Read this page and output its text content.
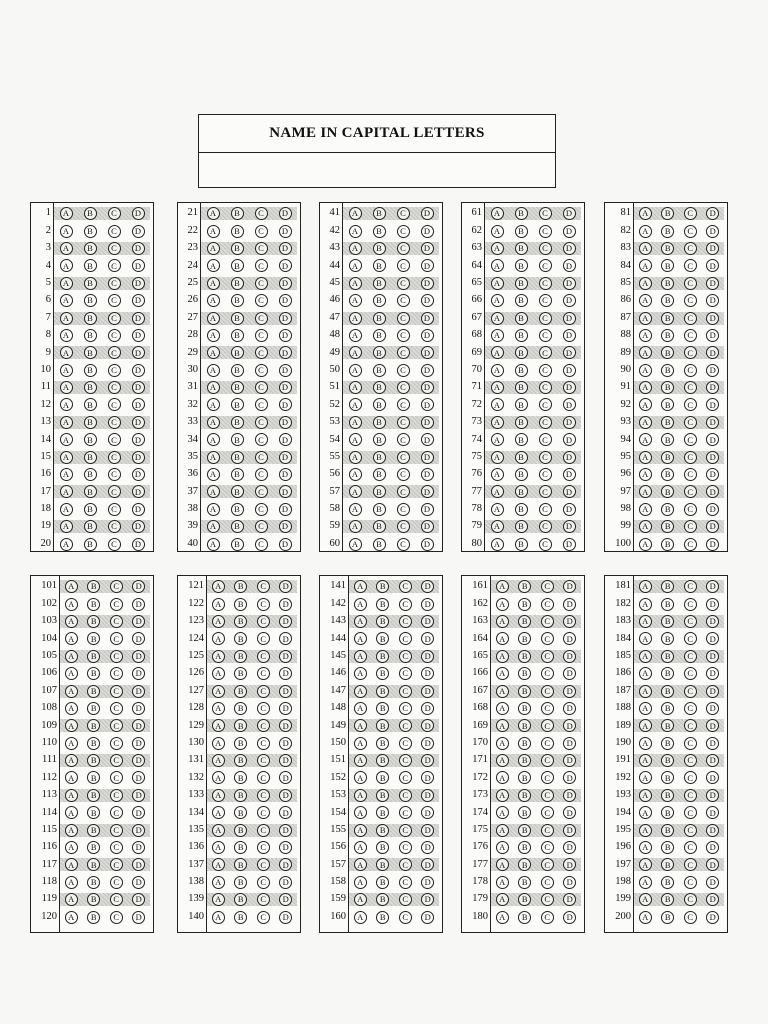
NAME IN CAPITAL LETTERS
1	A	B	C	D
2	A	B	C	D
3	A	B	C	D
4	A	B	C	D
5	A	B	C	D
6	A	B	C	D
7	A	B	C	D
8	A	B	C	D
9	A	B	C	D
10	A	B	C	D
11	A	B	C	D
12	A	B	C	D
13	A	B	C	D
14	A	B	C	D
15	A	B	C	D
16	A	B	C	D
17	A	B	C	D
18	A	B	C	D
19	A	B	C	D
20	A	B	C	D
21	A	B	C	D
22	A	B	C	D
23	A	B	C	D
24	A	B	C	D
25	A	B	C	D
26	A	B	C	D
27	A	B	C	D
28	A	B	C	D
29	A	B	C	D
30	A	B	C	D
31	A	B	C	D
32	A	B	C	D
33	A	B	C	D
34	A	B	C	D
35	A	B	C	D
36	A	B	C	D
37	A	B	C	D
38	A	B	C	D
39	A	B	C	D
40	A	B	C	D
41	A	B	C	D
42	A	B	C	D
43	A	B	C	D
44	A	B	C	D
45	A	B	C	D
46	A	B	C	D
47	A	B	C	D
48	A	B	C	D
49	A	B	C	D
50	A	B	C	D
51	A	B	C	D
52	A	B	C	D
53	A	B	C	D
54	A	B	C	D
55	A	B	C	D
56	A	B	C	D
57	A	B	C	D
58	A	B	C	D
59	A	B	C	D
60	A	B	C	D
61	A	B	C	D
62	A	B	C	D
63	A	B	C	D
64	A	B	C	D
65	A	B	C	D
66	A	B	C	D
67	A	B	C	D
68	A	B	C	D
69	A	B	C	D
70	A	B	C	D
71	A	B	C	D
72	A	B	C	D
73	A	B	C	D
74	A	B	C	D
75	A	B	C	D
76	A	B	C	D
77	A	B	C	D
78	A	B	C	D
79	A	B	C	D
80	A	B	C	D
81	A	B	C	D
82	A	B	C	D
83	A	B	C	D
84	A	B	C	D
85	A	B	C	D
86	A	B	C	D
87	A	B	C	D
88	A	B	C	D
89	A	B	C	D
90	A	B	C	D
91	A	B	C	D
92	A	B	C	D
93	A	B	C	D
94	A	B	C	D
95	A	B	C	D
96	A	B	C	D
97	A	B	C	D
98	A	B	C	D
99	A	B	C	D
100	A	B	C	D
101	A	B	C	D
102	A	B	C	D
103	A	B	C	D
104	A	B	C	D
105	A	B	C	D
106	A	B	C	D
107	A	B	C	D
108	A	B	C	D
109	A	B	C	D
110	A	B	C	D
111	A	B	C	D
112	A	B	C	D
113	A	B	C	D
114	A	B	C	D
115	A	B	C	D
116	A	B	C	D
117	A	B	C	D
118	A	B	C	D
119	A	B	C	D
120	A	B	C	D
121	A	B	C	D
122	A	B	C	D
123	A	B	C	D
124	A	B	C	D
125	A	B	C	D
126	A	B	C	D
127	A	B	C	D
128	A	B	C	D
129	A	B	C	D
130	A	B	C	D
131	A	B	C	D
132	A	B	C	D
133	A	B	C	D
134	A	B	C	D
135	A	B	C	D
136	A	B	C	D
137	A	B	C	D
138	A	B	C	D
139	A	B	C	D
140	A	B	C	D
141	A	B	C	D
142	A	B	C	D
143	A	B	C	D
144	A	B	C	D
145	A	B	C	D
146	A	B	C	D
147	A	B	C	D
148	A	B	C	D
149	A	B	C	D
150	A	B	C	D
151	A	B	C	D
152	A	B	C	D
153	A	B	C	D
154	A	B	C	D
155	A	B	C	D
156	A	B	C	D
157	A	B	C	D
158	A	B	C	D
159	A	B	C	D
160	A	B	C	D
161	A	B	C	D
162	A	B	C	D
163	A	B	C	D
164	A	B	C	D
165	A	B	C	D
166	A	B	C	D
167	A	B	C	D
168	A	B	C	D
169	A	B	C	D
170	A	B	C	D
171	A	B	C	D
172	A	B	C	D
173	A	B	C	D
174	A	B	C	D
175	A	B	C	D
176	A	B	C	D
177	A	B	C	D
178	A	B	C	D
179	A	B	C	D
180	A	B	C	D
181	A	B	C	D
182	A	B	C	D
183	A	B	C	D
184	A	B	C	D
185	A	B	C	D
186	A	B	C	D
187	A	B	C	D
188	A	B	C	D
189	A	B	C	D
190	A	B	C	D
191	A	B	C	D
192	A	B	C	D
193	A	B	C	D
194	A	B	C	D
195	A	B	C	D
196	A	B	C	D
197	A	B	C	D
198	A	B	C	D
199	A	B	C	D
200	A	B	C	D
